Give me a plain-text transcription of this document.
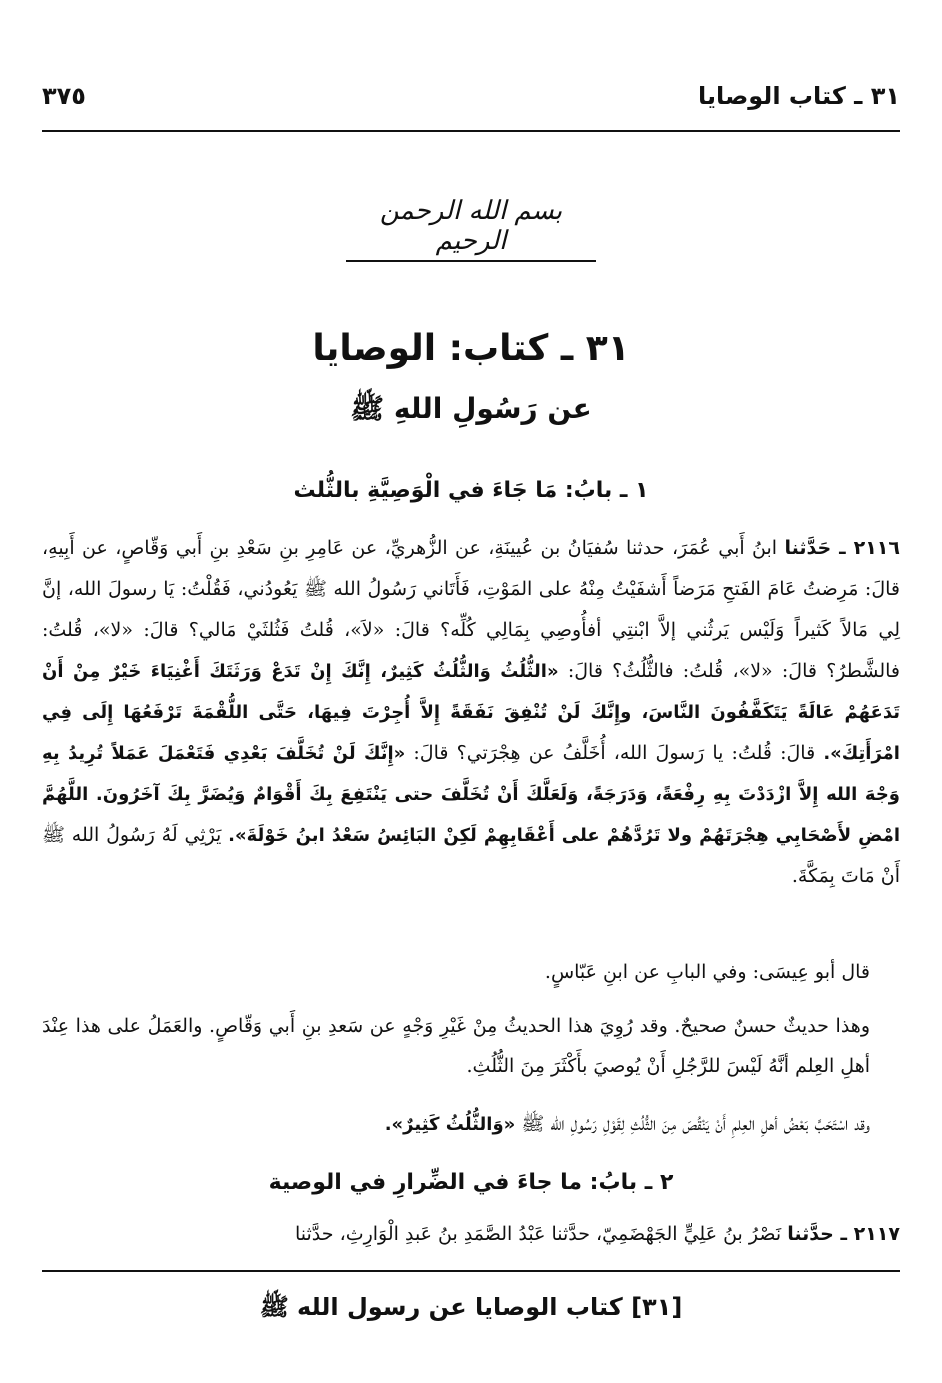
٣١ ـ كتاب الوصايا
٣٧٥
بسم الله الرحمن الرحيم
٣١ ـ كتاب: الوصايا
عن رَسُولِ اللهِ ﷺ
١ ـ بابُ: مَا جَاءَ في الْوَصِيَّةِ بالثُّلث

٢١١٦ ـ حَدَّثنا ابنُ أَبي عُمَرَ، حدثنا سُفيَانُ بن عُيينَةِ، عن الزُّهريِّ، عن عَامِرِ بنِ سَعْدِ بنِ أَبي وَقّاصٍ، عن أَبِيهِ، قالَ: مَرِضتُ عَامَ الفَتحِ مَرَضاً أَشفَيْتُ مِنْهُ على المَوْتِ، فَأَتَاني رَسُولُ الله ﷺ يَعُودُني، فَقُلْتُ: يَا رسولَ الله، إنَّ لِي مَالاً كَثيراً وَلَيْس يَرثُني إلاَّ ابْنتِي أفأُوصِي بِمَالِي كُلِّه؟ قالَ: «لاَ»، قُلتُ فَثُلثَيْ مَالي؟ قالَ: «لا»، قُلتُ: فالشَّطرُ؟ قالَ: «لا»، قُلتُ: فالثُّلُثُ؟ قالَ: «الثُّلُثُ وَالثُّلُثُ كَثِيرٌ، إِنَّكَ إِنْ تَدَعْ وَرَثَتَكَ أَغْنِيَاءَ خَيْرٌ مِنْ أَنْ تَدَعَهُمْ عَالَةً يَتَكَفَّفُونَ النَّاسَ، وإِنَّكَ لَنْ تُنْفِقَ نَفَقَةً إِلاَّ أُجِرْتَ فِيهَا، حَتَّى اللُّقْمَةَ تَرْفَعُهَا إِلَى فِي امْرَأَتِكَ». قالَ: قُلتُ: يا رَسولَ الله، أُخَلَّفُ عن هِجْرَتي؟ قالَ: «إِنَّكَ لَنْ تُخَلَّفَ بَعْدِي فَتَعْمَلَ عَمَلاً تُرِيدُ بِهِ وَجْهَ الله إِلاَّ ازْدَدْتَ بِهِ رِفْعَةً، وَدَرَجَةً، وَلَعَلَّكَ أَنْ تُخَلَّفَ حتى يَنْتَفِعَ بِكَ أَقْوَامٌ وَيُضَرَّ بِكَ آخَرُونَ. اللَّهُمَّ امْضِ لأَصْحَابِي هِجْرَتَهُمْ ولا تَرُدَّهُمْ على أَعْقَابِهِمْ لَكِنْ البَائِسُ سَعْدُ ابنُ خَوْلَةَ». يَرْثِي لَهُ رَسُولُ الله ﷺ أَنْ مَاتَ بِمَكَّةَ.

قال أبو عِيسَى: وفي البابِ عن ابنِ عَبّاسٍ.

وهذا حديثٌ حسنٌ صحيحٌ. وقد رُوِيَ هذا الحديثُ مِنْ غَيْرِ وَجْهٍ عن سَعدِ بنِ أَبي وَقّاصٍ. والعَمَلُ على هذا عِنْدَ أهلِ العِلم أنَّهُ لَيْسَ للرَّجُلِ أَنْ يُوصيَ بأَكْثَرَ مِنَ الثُّلُثِ.

وقد اسْتَحَبَّ بَعْضُ أهلِ العِلمِ أَنْ يَنْقُصَ مِنَ الثُّلُثِ لِقَوْلِ رَسُولِ الله ﷺ «وَالثُّلُثُ كَثِيرٌ».

٢ ـ بابُ: ما جاءَ في الضِّرارِ في الوصية

٢١١٧ ـ حدَّثنا نَصْرُ بنُ عَلِيٍّ الجَهْضَمِيّ، حدَّثنا عَبْدُ الصَّمَدِ بنُ عَبدِ الْوَارِثِ، حدَّثنا

[٣١] كتاب الوصايا عن رسول الله ﷺ
